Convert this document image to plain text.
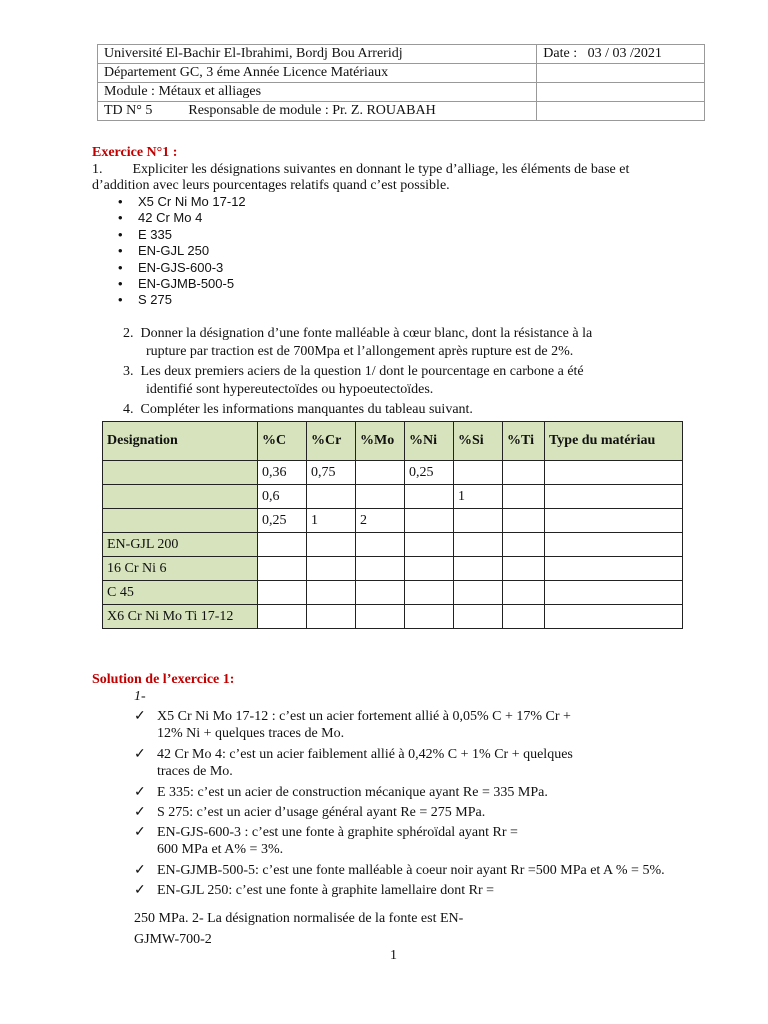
Université El-Bachir El-Ibrahimi, Bordj Bou Arreridj	Date : 03 / 03 /2021
Département GC, 3 éme Année Licence Matériaux	
Module : Métaux et alliages	
TD N° 5 Responsable de module : Pr. Z. ROUABAH	
Exercice N°1 :
1. Expliciter les désignations suivantes en donnant le type d’alliage, les éléments de base et
d’addition avec leurs pourcentages relatifs quand c’est possible.
• X5 Cr Ni Mo 17-12
• 42 Cr Mo 4
• E 335
• EN-GJL 250
• EN-GJS-600-3
• EN-GJMB-500-5
• S 275
2. Donner la désignation d’une fonte malléable à cœur blanc, dont la résistance à la
rupture par traction est de 700Mpa et l’allongement après rupture est de 2%.
3. Les deux premiers aciers de la question 1/ dont le pourcentage en carbone a été
identifié sont hypereutectoïdes ou hypoeutectoïdes.
4. Compléter les informations manquantes du tableau suivant.
Designation	%C	%Cr	%Mo	%Ni	%Si	%Ti	Type du matériau
	0,36	0,75		0,25			
	0,6				1		
	0,25	1	2				
EN-GJL 200							
16 Cr Ni 6							
C 45							
X6 Cr Ni Mo Ti 17-12							
Solution de l’exercice 1:
1-
✓ X5 Cr Ni Mo 17-12 : c’est un acier fortement allié à 0,05% C + 17% Cr +
12% Ni + quelques traces de Mo.
✓ 42 Cr Mo 4: c’est un acier faiblement allié à 0,42% C + 1% Cr + quelques
traces de Mo.
✓ E 335: c’est un acier de construction mécanique ayant Re = 335 MPa.
✓ S 275: c’est un acier d’usage général ayant Re = 275 MPa.
✓ EN-GJS-600-3 : c’est une fonte à graphite sphéroïdal ayant Rr =
600 MPa et A% = 3%.
✓ EN-GJMB-500-5: c’est une fonte malléable à coeur noir ayant Rr =500 MPa et A % = 5%.
✓ EN-GJL 250: c’est une fonte à graphite lamellaire dont Rr =
250 MPa. 2- La désignation normalisée de la fonte est EN-
GJMW-700-2
1
